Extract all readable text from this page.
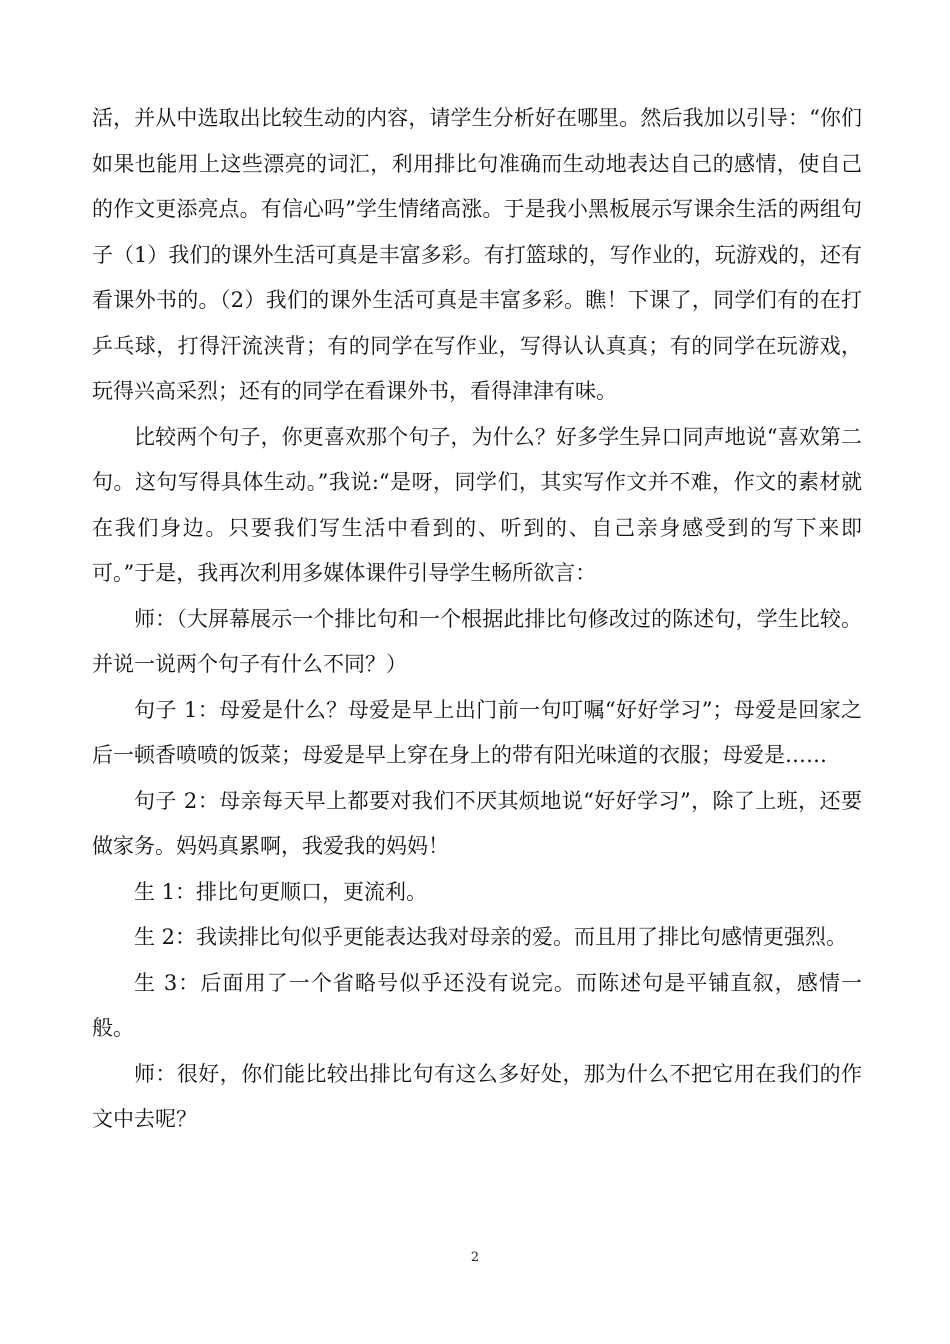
活，并从中选取出比较生动的内容，请学生分析好在哪里。然后我加以引导：“你们如果也能用上这些漂亮的词汇，利用排比句准确而生动地表达自己的感情，使自己的作文更添亮点。有信心吗”学生情绪高涨。于是我小黑板展示写课余生活的两组句子（1）我们的课外生活可真是丰富多彩。有打篮球的，写作业的，玩游戏的，还有看课外书的。（2）我们的课外生活可真是丰富多彩。瞧！下课了，同学们有的在打乒乓球，打得汗流浃背；有的同学在写作业，写得认认真真；有的同学在玩游戏，玩得兴高采烈；还有的同学在看课外书，看得津津有味。

比较两个句子，你更喜欢那个句子，为什么？好多学生异口同声地说“喜欢第二句。这句写得具体生动。”我说:“是呀，同学们，其实写作文并不难，作文的素材就在我们身边。只要我们写生活中看到的、听到的、自己亲身感受到的写下来即可。”于是，我再次利用多媒体课件引导学生畅所欲言：

师：（大屏幕展示一个排比句和一个根据此排比句修改过的陈述句，学生比较。并说一说两个句子有什么不同？）

句子 1：母爱是什么？母爱是早上出门前一句叮嘱“好好学习”；母爱是回家之后一顿香喷喷的饭菜；母爱是早上穿在身上的带有阳光味道的衣服；母爱是……

句子 2：母亲每天早上都要对我们不厌其烦地说“好好学习”，除了上班，还要做家务。妈妈真累啊，我爱我的妈妈！

生 1：排比句更顺口，更流利。

生 2：我读排比句似乎更能表达我对母亲的爱。而且用了排比句感情更强烈。

生 3：后面用了一个省略号似乎还没有说完。而陈述句是平铺直叙，感情一般。

师：很好，你们能比较出排比句有这么多好处，那为什么不把它用在我们的作文中去呢？

2
